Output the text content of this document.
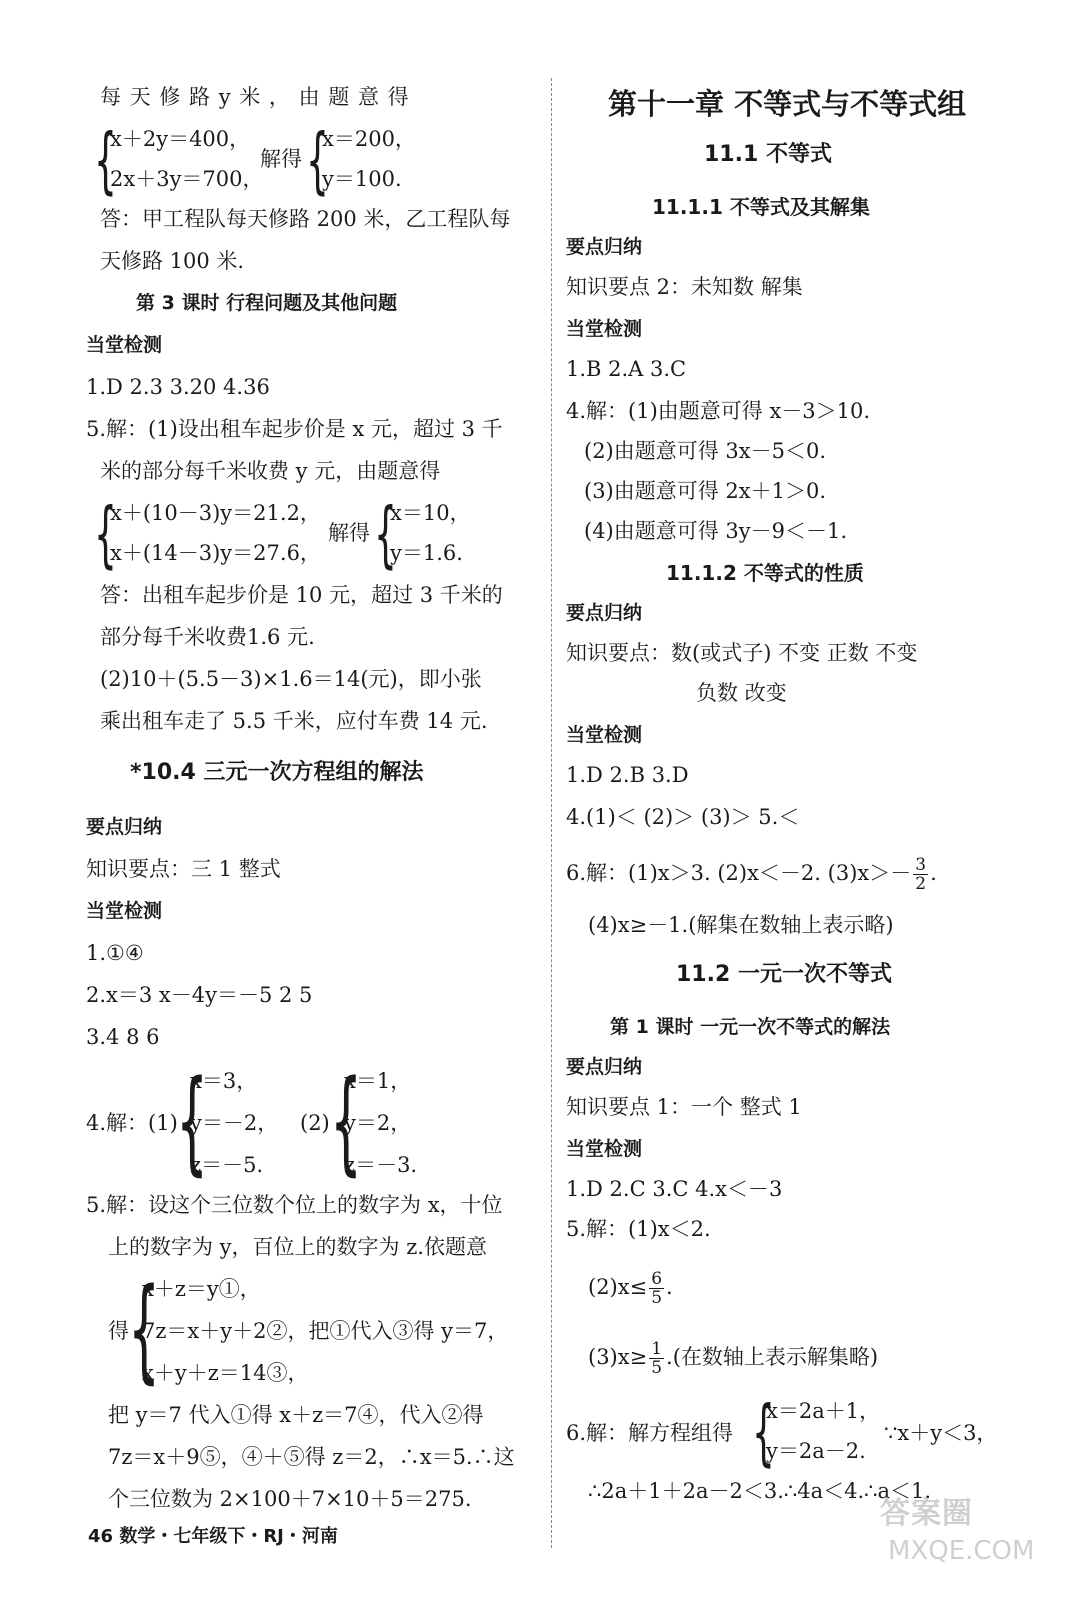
每 天 修 路 y 米 ， 由 题 意 得
{
x＋2y＝400，
2x＋3y＝700，
解得 {
x＝200，
y＝100.
答：甲工程队每天修路 200 米，乙工程队每
天修路 100 米.
第 3 课时 行程问题及其他问题
当堂检测
1.D 2.3 3.20 4.36
5.解：(1)设出租车起步价是 x 元，超过 3 千
米的部分每千米收费 y 元，由题意得
{
x＋(10－3)y＝21.2，
x＋(14－3)y＝27.6，
解得 {
x＝10，
y＝1.6.
答：出租车起步价是 10 元，超过 3 千米的
部分每千米收费1.6 元.
(2)10＋(5.5－3)×1.6＝14(元)，即小张
乘出租车走了 5.5 千米，应付车费 14 元.
*10.4 三元一次方程组的解法
要点归纳
知识要点：三 1 整式
当堂检测
1.①④
2.x＝3 x－4y＝－5 2 5
3.4 8 6
4.解：(1)
{
x＝3，
y＝－2，
z＝－5.
(2) {
x＝1，
y＝2，
z＝－3.
5.解：设这个三位数个位上的数字为 x，十位
上的数字为 y，百位上的数字为 z.依题意
得 {
x＋z＝y①，
7z＝x＋y＋2②，把①代入③得 y＝7，
x＋y＋z＝14③，
把 y＝7 代入①得 x＋z＝7④，代入②得
7z＝x＋9⑤，④＋⑤得 z＝2，∴x＝5.∴这
个三位数为 2×100＋7×10＋5＝275.
第十一章 不等式与不等式组
11.1 不等式
11.1.1 不等式及其解集
要点归纳
知识要点 2：未知数 解集
当堂检测
1.B 2.A 3.C
4.解：(1)由题意可得 x－3＞10.
(2)由题意可得 3x－5＜0.
(3)由题意可得 2x＋1＞0.
(4)由题意可得 3y－9＜－1.
11.1.2 不等式的性质
要点归纳
知识要点：数(或式子) 不变 正数 不变
负数 改变
当堂检测
1.D 2.B 3.D
4.(1)＜ (2)＞ (3)＞ 5.＜
6.解：(1)x＞3. (2)x＜－2. $(3)x>- \frac{3}{2}$ .
(4)x≥－1.(解集在数轴上表示略)
11.2 一元一次不等式
第 1 课时 一元一次不等式的解法
要点归纳
知识要点 1：一个 整式 1
当堂检测
1.D 2.C 3.C 4.x＜－3
5.解：(1)x＜2.
$(2)x\le \frac{6}{5}$ .
$(3)x\ge \frac{1}{5}$ .(在数轴上表示解集略)
6.解：解方程组得 {
x＝2a＋1，
y＝2a－2.
∵x＋y＜3，
∴2a＋1＋2a－2＜3.∴4a＜4.∴a＜1.
答案圈
MXQE.COM
46 数学・七年级下・RJ・河南
